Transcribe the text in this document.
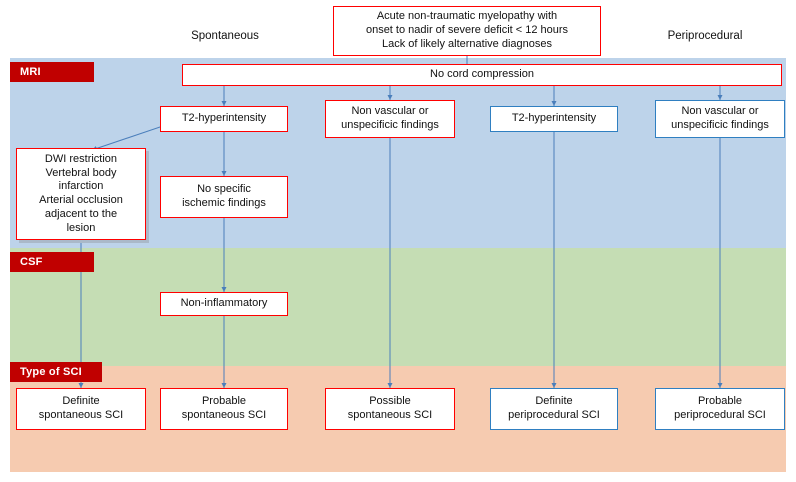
MRI
CSF
Type of SCI
Spontaneous	Periprocedural
Acute non-traumatic myelopathy with
onset to nadir of severe deficit < 12 hours
Lack of likely alternative diagnoses
No cord compression
T2-hyperintensity
Non vascular or unspecificic findings
T2-hyperintensity
Non vascular or unspecificic findings
DWI restriction
Vertebral body
infarction
Arterial occlusion
adjacent to the
lesion
No specific
ischemic findings
Non-inflammatory
Definite
spontaneous SCI
Probable
spontaneous SCI
Possible
spontaneous SCI
Definite
periprocedural SCI
Probable
periprocedural SCI
